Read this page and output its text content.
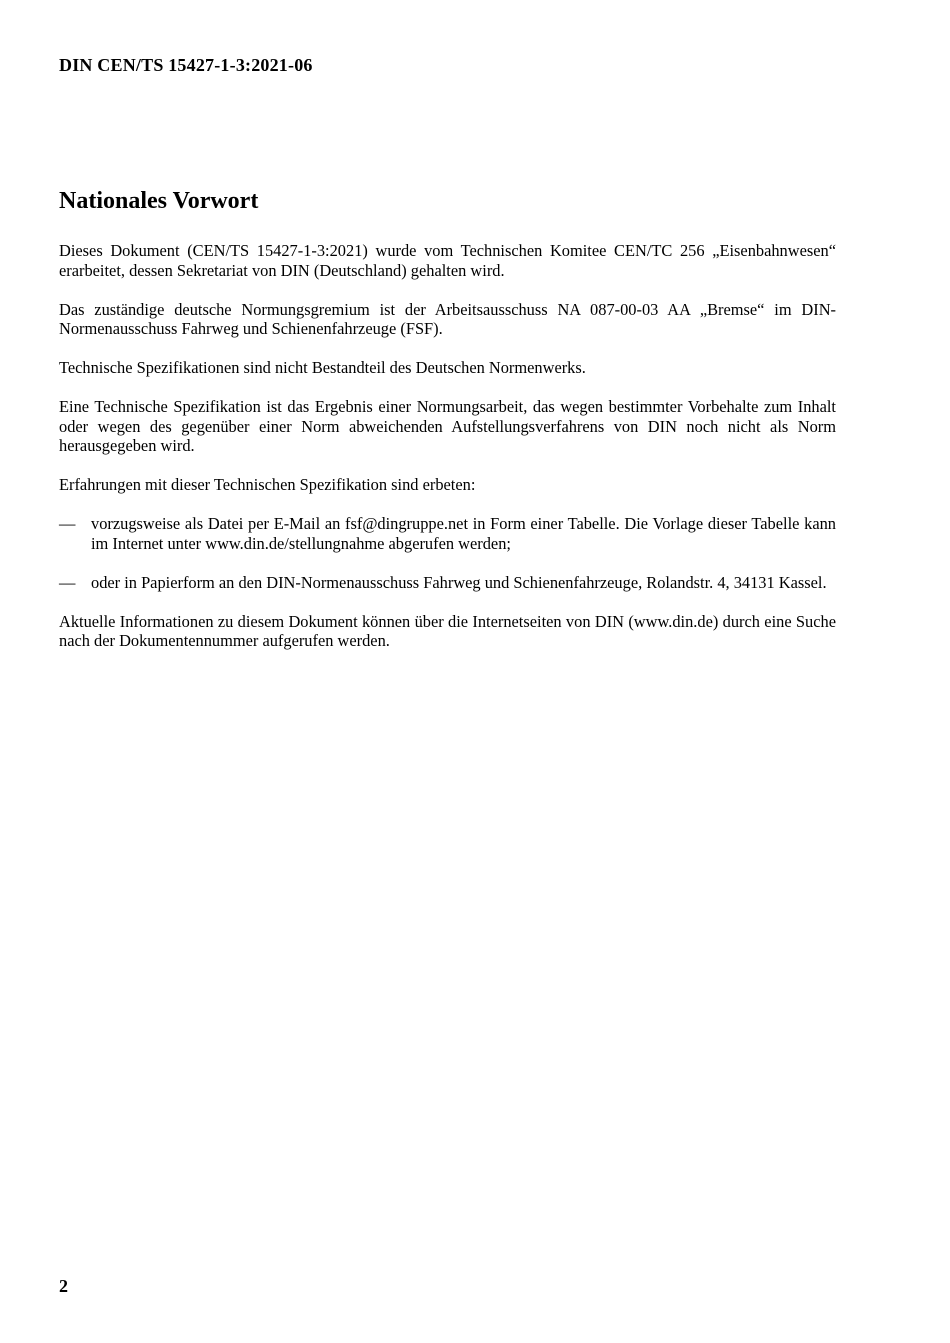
DIN CEN/TS 15427-1-3:2021-06

Nationales Vorwort

Dieses Dokument (CEN/TS 15427-1-3:2021) wurde vom Technischen Komitee CEN/TC 256 „Eisenbahnwesen“ erarbeitet, dessen Sekretariat von DIN (Deutschland) gehalten wird.

Das zuständige deutsche Normungsgremium ist der Arbeitsausschuss NA 087-00-03 AA „Bremse“ im DIN-Normenausschuss Fahrweg und Schienenfahrzeuge (FSF).

Technische Spezifikationen sind nicht Bestandteil des Deutschen Normenwerks.

Eine Technische Spezifikation ist das Ergebnis einer Normungsarbeit, das wegen bestimmter Vorbehalte zum Inhalt oder wegen des gegenüber einer Norm abweichenden Aufstellungsverfahrens von DIN noch nicht als Norm herausgegeben wird.

Erfahrungen mit dieser Technischen Spezifikation sind erbeten:

— vorzugsweise als Datei per E-Mail an fsf@dingruppe.net in Form einer Tabelle. Die Vorlage dieser Tabelle kann im Internet unter www.din.de/stellungnahme abgerufen werden;
— oder in Papierform an den DIN-Normenausschuss Fahrweg und Schienenfahrzeuge, Rolandstr. 4, 34131 Kassel.

Aktuelle Informationen zu diesem Dokument können über die Internetseiten von DIN (www.din.de) durch eine Suche nach der Dokumentennummer aufgerufen werden.

2
